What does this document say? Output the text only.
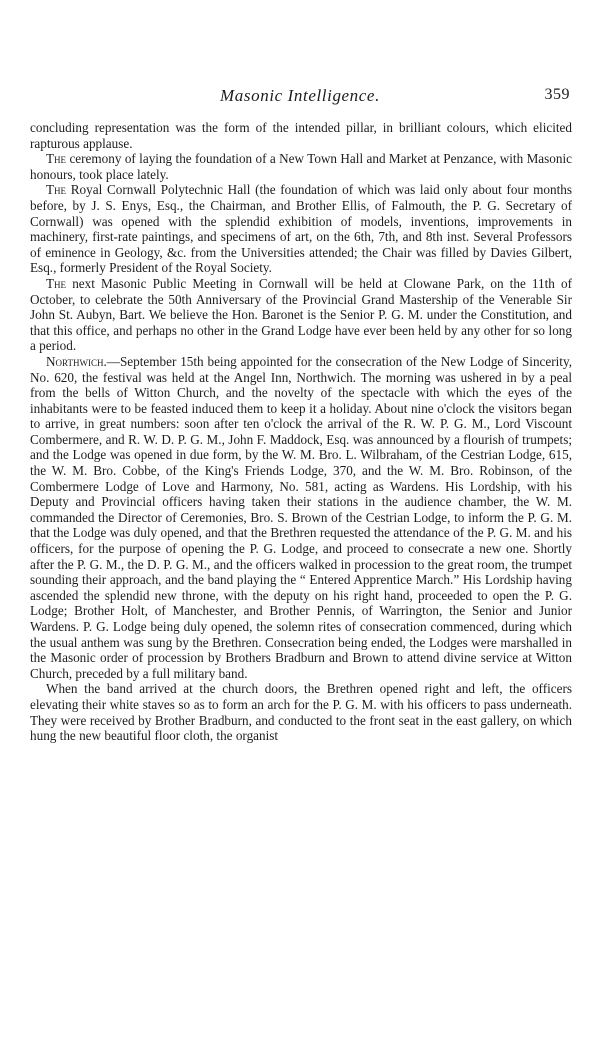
Masonic Intelligence.	359

concluding representation was the form of the intended pillar, in brilliant colours, which elicited rapturous applause.

The ceremony of laying the foundation of a New Town Hall and Market at Penzance, with Masonic honours, took place lately.

The Royal Cornwall Polytechnic Hall (the foundation of which was laid only about four months before, by J. S. Enys, Esq., the Chairman, and Brother Ellis, of Falmouth, the P. G. Secretary of Cornwall) was opened with the splendid exhibition of models, inventions, improvements in machinery, first-rate paintings, and specimens of art, on the 6th, 7th, and 8th inst. Several Professors of eminence in Geology, &c. from the Universities attended; the Chair was filled by Davies Gilbert, Esq., formerly President of the Royal Society.

The next Masonic Public Meeting in Cornwall will be held at Clowane Park, on the 11th of October, to celebrate the 50th Anniversary of the Provincial Grand Mastership of the Venerable Sir John St. Aubyn, Bart. We believe the Hon. Baronet is the Senior P. G. M. under the Constitution, and that this office, and perhaps no other in the Grand Lodge have ever been held by any other for so long a period.

Northwich.—September 15th being appointed for the consecration of the New Lodge of Sincerity, No. 620, the festival was held at the Angel Inn, Northwich. The morning was ushered in by a peal from the bells of Witton Church, and the novelty of the spectacle with which the eyes of the inhabitants were to be feasted induced them to keep it a holiday. About nine o'clock the visitors began to arrive, in great numbers: soon after ten o'clock the arrival of the R. W. P. G. M., Lord Viscount Combermere, and R. W. D. P. G. M., John F. Maddock, Esq. was announced by a flourish of trumpets; and the Lodge was opened in due form, by the W. M. Bro. L. Wilbraham, of the Cestrian Lodge, 615, the W. M. Bro. Cobbe, of the King's Friends Lodge, 370, and the W. M. Bro. Robinson, of the Combermere Lodge of Love and Harmony, No. 581, acting as Wardens. His Lordship, with his Deputy and Provincial officers having taken their stations in the audience chamber, the W. M. commanded the Director of Ceremonies, Bro. S. Brown of the Cestrian Lodge, to inform the P. G. M. that the Lodge was duly opened, and that the Brethren requested the attendance of the P. G. M. and his officers, for the purpose of opening the P. G. Lodge, and proceed to consecrate a new one. Shortly after the P. G. M., the D. P. G. M., and the officers walked in procession to the great room, the trumpet sounding their approach, and the band playing the “ Entered Apprentice March.” His Lordship having ascended the splendid new throne, with the deputy on his right hand, proceeded to open the P. G. Lodge; Brother Holt, of Manchester, and Brother Pennis, of Warrington, the Senior and Junior Wardens. P. G. Lodge being duly opened, the solemn rites of consecration commenced, during which the usual anthem was sung by the Brethren. Consecration being ended, the Lodges were marshalled in the Masonic order of procession by Brothers Bradburn and Brown to attend divine service at Witton Church, preceded by a full military band.

When the band arrived at the church doors, the Brethren opened right and left, the officers elevating their white staves so as to form an arch for the P. G. M. with his officers to pass underneath. They were received by Brother Bradburn, and conducted to the front seat in the east gallery, on which hung the new beautiful floor cloth, the organist
